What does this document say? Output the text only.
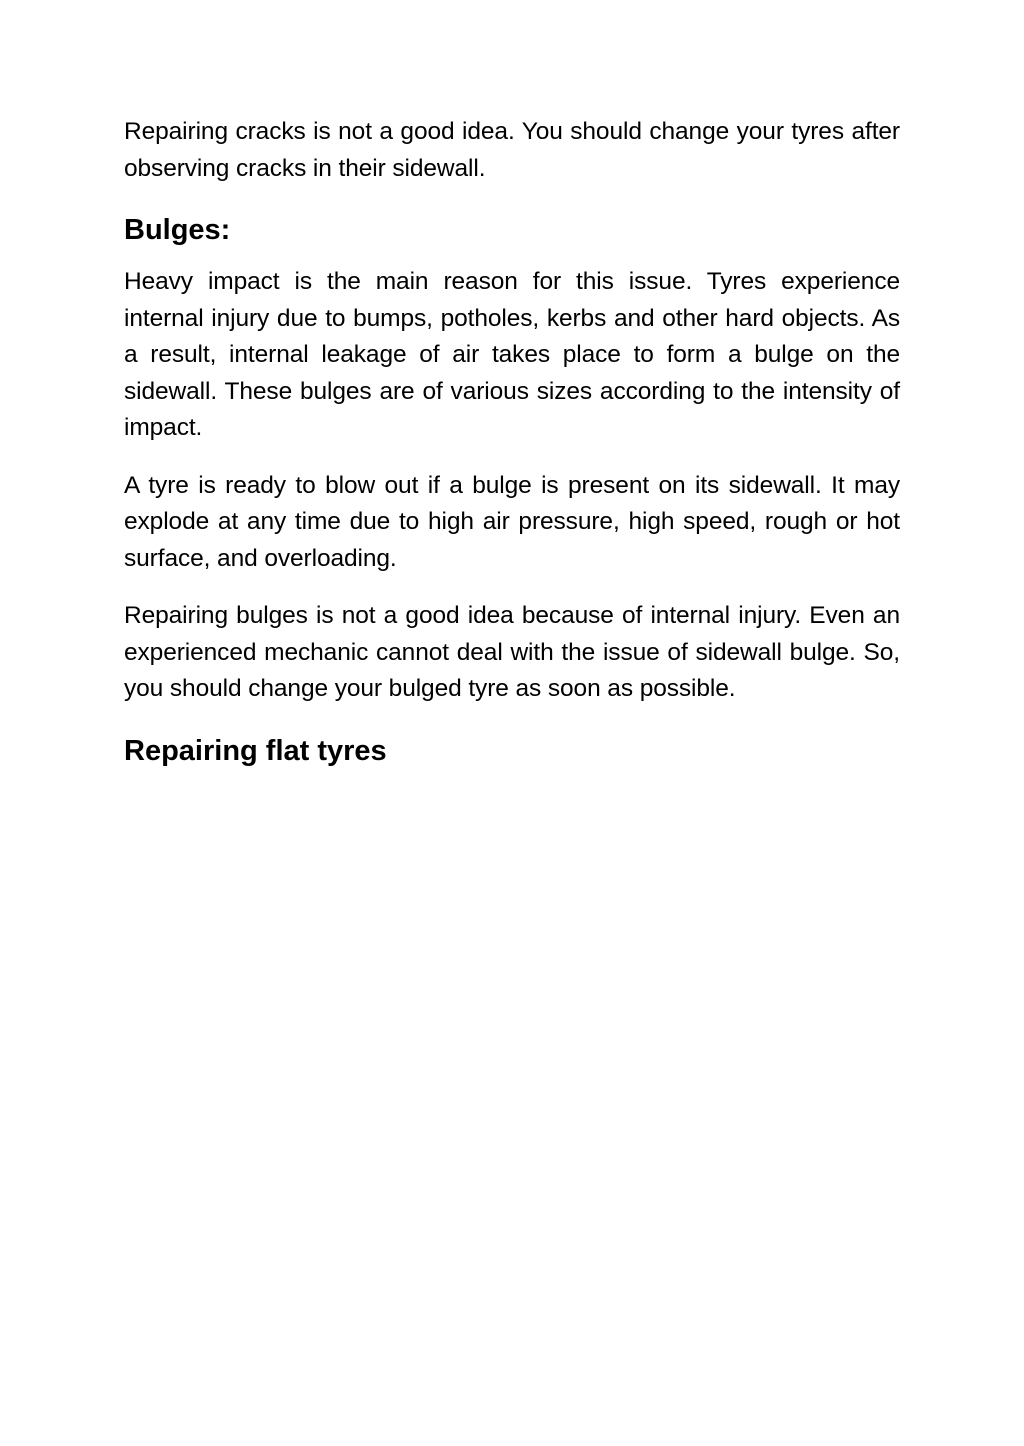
Repairing cracks is not a good idea. You should change your tyres after observing cracks in their sidewall.

Bulges:

Heavy impact is the main reason for this issue. Tyres experience internal injury due to bumps, potholes, kerbs and other hard objects. As a result, internal leakage of air takes place to form a bulge on the sidewall. These bulges are of various sizes according to the intensity of impact.

A tyre is ready to blow out if a bulge is present on its sidewall. It may explode at any time due to high air pressure, high speed, rough or hot surface, and overloading.

Repairing bulges is not a good idea because of internal injury. Even an experienced mechanic cannot deal with the issue of sidewall bulge. So, you should change your bulged tyre as soon as possible.

Repairing flat tyres
